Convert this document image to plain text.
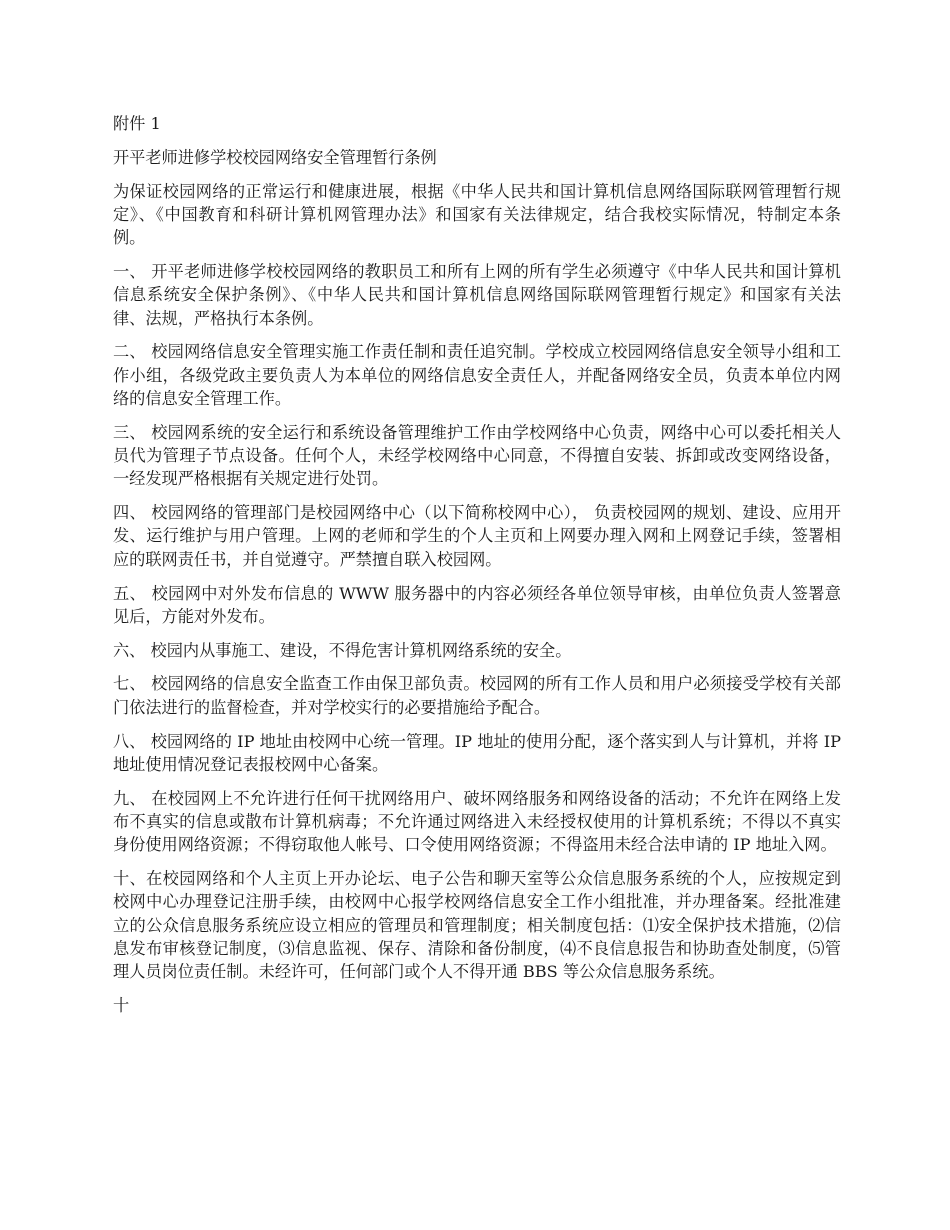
附件 1
开平老师进修学校校园网络安全管理暂行条例

为保证校园网络的正常运行和健康进展，根据《中华人民共和国计算机信息网络国际联网管理暂行规定》、《中国教育和科研计算机网管理办法》和国家有关法律规定，结合我校实际情况，特制定本条例。

一、 开平老师进修学校校园网络的教职员工和所有上网的所有学生必须遵守《中华人民共和国计算机信息系统安全保护条例》、《中华人民共和国计算机信息网络国际联网管理暂行规定》和国家有关法律、法规，严格执行本条例。

二、 校园网络信息安全管理实施工作责任制和责任追究制。学校成立校园网络信息安全领导小组和工作小组，各级党政主要负责人为本单位的网络信息安全责任人，并配备网络安全员，负责本单位内网络的信息安全管理工作。

三、 校园网系统的安全运行和系统设备管理维护工作由学校网络中心负责，网络中心可以委托相关人员代为管理子节点设备。任何个人，未经学校网络中心同意，不得擅自安装、拆卸或改变网络设备，一经发现严格根据有关规定进行处罚。

四、 校园网络的管理部门是校园网络中心（以下简称校网中心）， 负责校园网的规划、建设、应用开发、运行维护与用户管理。上网的老师和学生的个人主页和上网要办理入网和上网登记手续，签署相应的联网责任书，并自觉遵守。严禁擅自联入校园网。

五、 校园网中对外发布信息的 WWW 服务器中的内容必须经各单位领导审核，由单位负责人签署意见后，方能对外发布。

六、 校园内从事施工、建设，不得危害计算机网络系统的安全。

七、 校园网络的信息安全监查工作由保卫部负责。校园网的所有工作人员和用户必须接受学校有关部门依法进行的监督检查，并对学校实行的必要措施给予配合。

八、 校园网络的 IP 地址由校网中心统一管理。IP 地址的使用分配，逐个落实到人与计算机，并将 IP 地址使用情况登记表报校网中心备案。

九、 在校园网上不允许进行任何干扰网络用户、破坏网络服务和网络设备的活动；不允许在网络上发布不真实的信息或散布计算机病毒；不允许通过网络进入未经授权使用的计算机系统；不得以不真实身份使用网络资源；不得窃取他人帐号、口令使用网络资源；不得盗用未经合法申请的 IP 地址入网。

十、在校园网络和个人主页上开办论坛、电子公告和聊天室等公众信息服务系统的个人，应按规定到校网中心办理登记注册手续，由校网中心报学校网络信息安全工作小组批准，并办理备案。经批准建立的公众信息服务系统应设立相应的管理员和管理制度；相关制度包括：⑴安全保护技术措施，⑵信息发布审核登记制度，⑶信息监视、保存、清除和备份制度，⑷不良信息报告和协助查处制度，⑸管理人员岗位责任制。未经许可，任何部门或个人不得开通 BBS 等公众信息服务系统。

十
